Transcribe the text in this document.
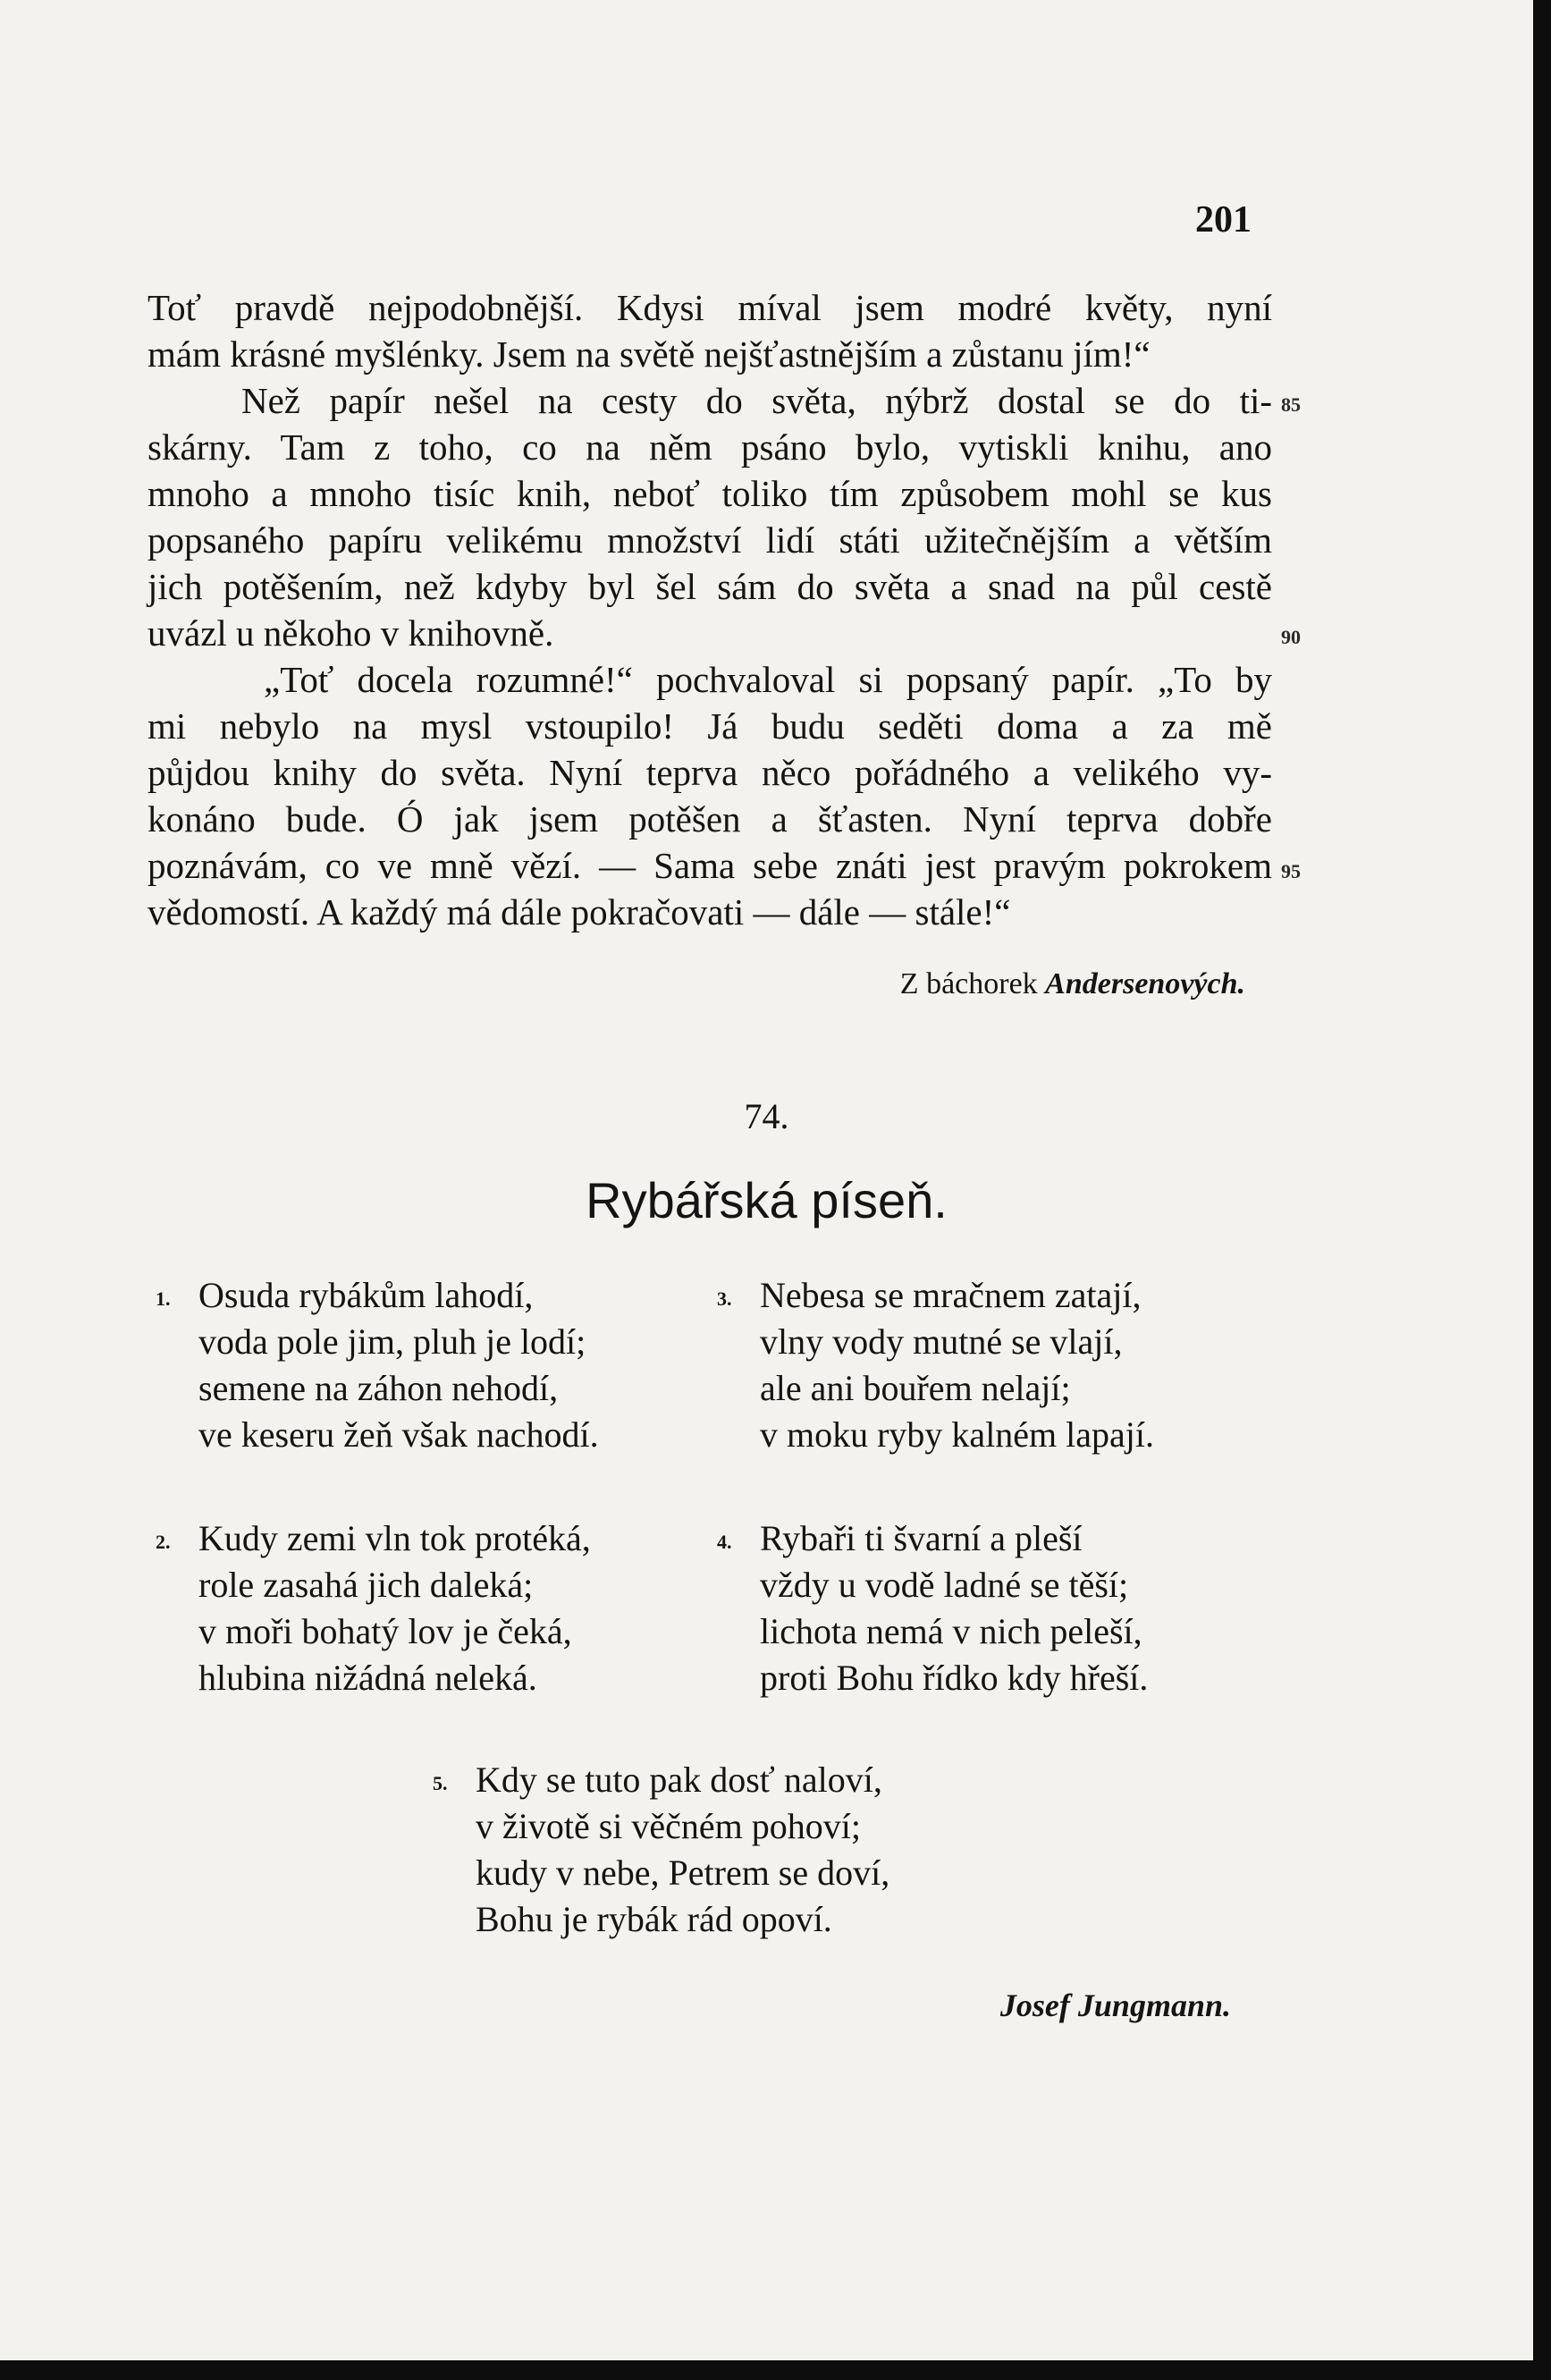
201
Toť pravdě nejpodobnější. Kdysi míval jsem modré květy, nyní
mám krásné myšlénky. Jsem na světě nejšťastnějším a zůstanu jím!“
Než papír nešel na cesty do světa, nýbrž dostal se do ti-
skárny. Tam z toho, co na něm psáno bylo, vytiskli knihu, ano
mnoho a mnoho tisíc knih, neboť toliko tím způsobem mohl se kus
popsaného papíru velikému množství lidí státi užitečnějším a větším
jich potěšením, než kdyby byl šel sám do světa a snad na půl cestě
uvázl u někoho v knihovně.
„Toť docela rozumné!“ pochvaloval si popsaný papír. „To by
mi nebylo na mysl vstoupilo! Já budu seděti doma a za mě
půjdou knihy do světa. Nyní teprva něco pořádného a velikého vy-
konáno bude. Ó jak jsem potěšen a šťasten. Nyní teprva dobře
poznávám, co ve mně vězí. — Sama sebe znáti jest pravým pokrokem
vědomostí. A každý má dále pokračovati — dále — stále!“
85
90
95
Z báchorek Andersenových.
74.
Rybářská píseň.
1. Osuda rybákům lahodí,
voda pole jim, pluh je lodí;
semene na záhon nehodí,
ve keseru žeň však nachodí.
2. Kudy zemi vln tok protéká,
role zasahá jich daleká;
v moři bohatý lov je čeká,
hlubina nižádná neleká.
3. Nebesa se mračnem zatají,
vlny vody mutné se vlají,
ale ani bouřem nelají;
v moku ryby kalném lapají.
4. Rybaři ti švarní a pleší
vždy u vodě ladné se těší;
lichota nemá v nich peleší,
proti Bohu řídko kdy hřeší.
5. Kdy se tuto pak dosť naloví,
v životě si věčném pohoví;
kudy v nebe, Petrem se doví,
Bohu je rybák rád opoví.
Josef Jungmann.
